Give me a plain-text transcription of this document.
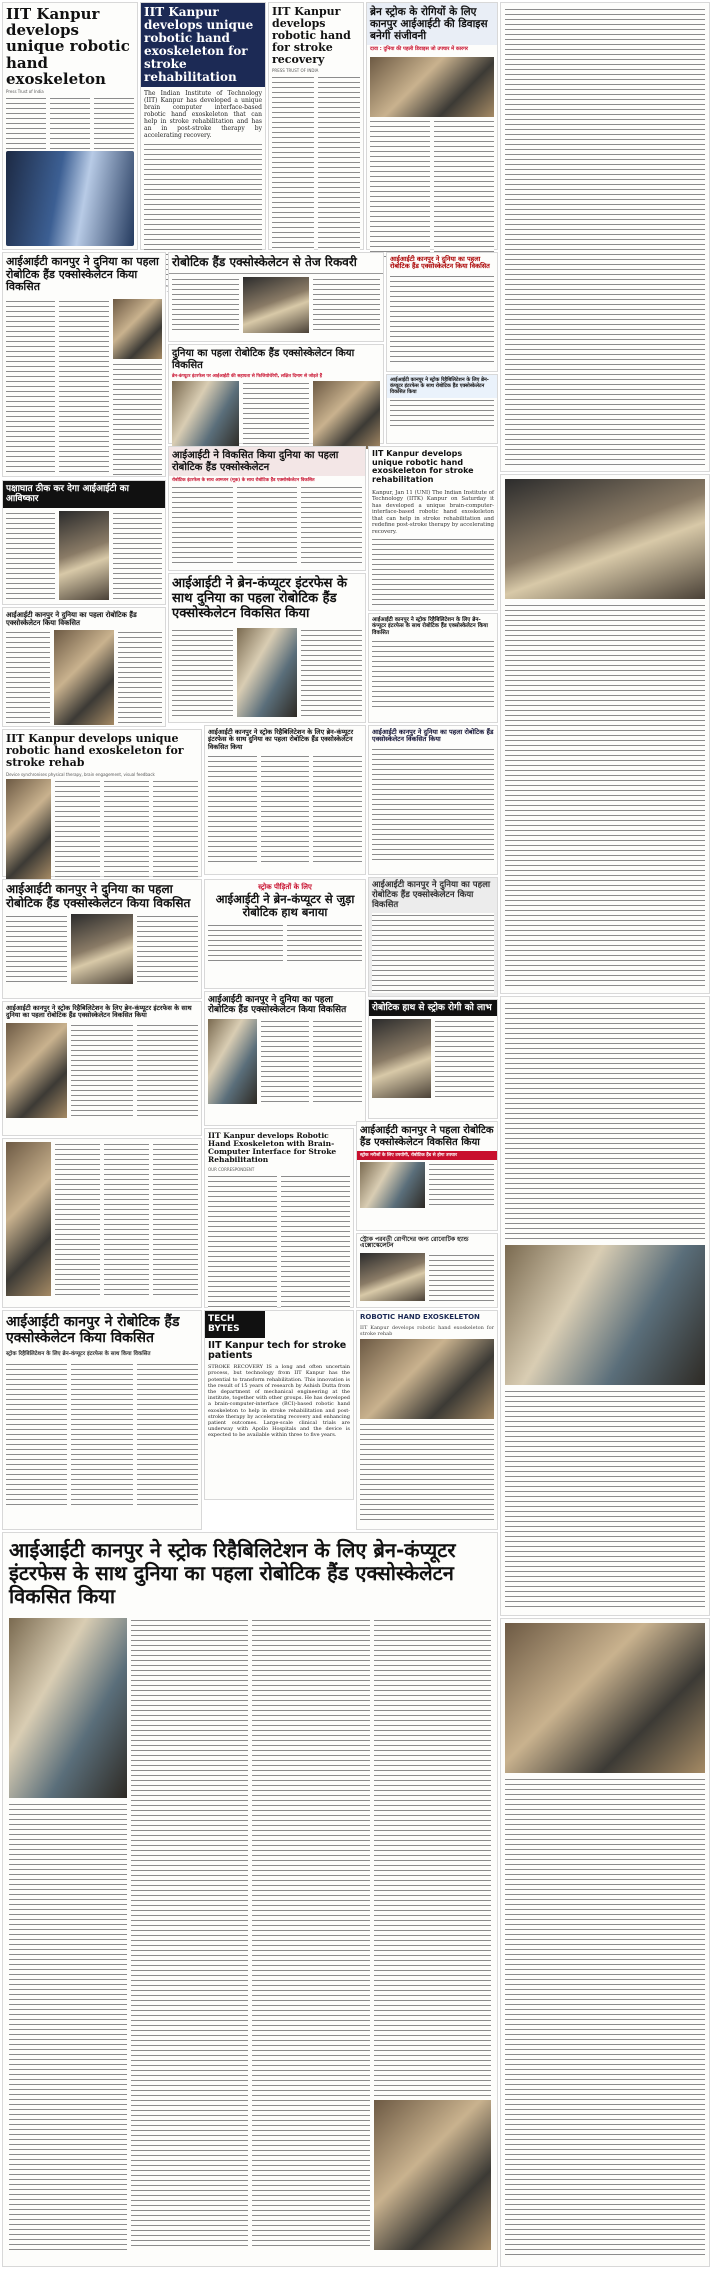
IIT Kanpur develops unique robotic hand exoskeleton
Press Trust of India
IIT Kanpur develops unique robotic hand exoskeleton for stroke rehabilitation
The Indian Institute of Technology (IIT) Kanpur has developed a unique brain computer interface-based robotic hand exoskeleton that can help in stroke rehabilitation and has an in post-stroke therapy by accelerating recovery.
IIT Kanpur develops robotic hand for stroke recovery
PRESS TRUST OF INDIA
ब्रेन स्ट्रोक के रोगियों के लिए कानपुर आईआईटी की डिवाइस बनेगी संजीवनी
दावा : दुनिया की पहली डिवाइस जो उपचार में कारगर
आईआईटी कानपुर ने दुनिया का पहला रोबोटिक हैंड एक्सोस्केलेटन किया विकसित
रोबोटिक हैंड एक्सोस्केलेटन से तेज रिकवरी	आईआईटी कानपुर ने दुनिया का पहला रोबोटिक हैंड एक्सोस्केलेटन किया विकसित
दुनिया का पहला रोबोटिक हैंड एक्सोस्केलेटन किया विकसित
ब्रेन-कंप्यूटर इंटरफेस पर आईआईटी की सहायता से फिजियोथेरेपी, लक्षित दिमाग से जोड़ते हैं
आईआईटी कानपुर ने स्ट्रोक रिहैबिलिटेशन के लिए ब्रेन-कंप्यूटर इंटरफेस के साथ रोबोटिक हैंड एक्सोस्केलेटन विकसित किया
पक्षाघात ठीक कर देगा आईआईटी का आविष्कार
आईआईटी ने विकसित किया दुनिया का पहला रोबोटिक हैंड एक्सोस्केलेटन
रोबोटिक इंटरफेस के साथ आमजन (मूक) के साथ रोबोटिक हैंड एक्सोस्केलेटन विकसित
IIT Kanpur develops unique robotic hand exoskeleton for stroke rehabilitation
Kanpur, Jan 11 (UNI) The Indian Institute of Technology (IITK) Kanpur on Saturday it has developed a unique brain-computer-interface-based robotic hand exoskeleton that can help in stroke rehabilitation and redefine post-stroke therapy by accelerating recovery.
आईआईटी कानपुर ने दुनिया का पहला रोबोटिक हैंड एक्सोस्केलेटन किया विकसित
आईआईटी ने ब्रेन-कंप्यूटर इंटरफेस के साथ दुनिया का पहला रोबोटिक हैंड एक्सोस्केलेटन विकसित किया	आईआईटी कानपुर ने स्ट्रोक रिहैबिलिटेशन के लिए ब्रेन-कंप्यूटर इंटरफेस के साथ रोबोटिक हैंड एक्सोस्केलेटन किया विकसित
आईआईटी कानपुर ने दुनिया का पहला रोबोटिक हैंड एक्सोस्केलेटन विकसित किया
IIT Kanpur develops unique robotic hand exoskeleton for stroke rehab
Device synchronises physical therapy, brain engagement, visual feedback
आईआईटी कानपुर ने स्ट्रोक रिहैबिलिटेशन के लिए ब्रेन-कंप्यूटर इंटरफेस के साथ दुनिया का पहला रोबोटिक हैंड एक्सोस्केलेटन विकसित किया
आईआईटी कानपुर ने दुनिया का पहला रोबोटिक हैंड एक्सोस्केलेटन किया विकसित
स्ट्रोक पीड़ितों के लिए
आईआईटी ने ब्रेन-कंप्यूटर से जुड़ा रोबोटिक हाथ बनाया
आईआईटी कानपुर ने दुनिया का पहला रोबोटिक हैंड एक्सोस्केलेटन किया विकसित
आईआईटी कानपुर ने स्ट्रोक रिहैबिलिटेशन के लिए ब्रेन-कंप्यूटर इंटरफेस के साथ दुनिया का पहला रोबोटिक हैंड एक्सोस्केलेटन विकसित किया
आईआईटी कानपुर ने दुनिया का पहला रोबोटिक हैंड एक्सोस्केलेटन किया विकसित	रोबोटिक हाथ से स्ट्रोक रोगी को लाभ
IIT Kanpur develops Robotic Hand Exoskeleton with Brain-Computer Interface for Stroke Rehabilitation
OUR CORRESPONDENT
आईआईटी कानपुर ने पहला रोबोटिक हैंड एक्सोस्केलेटन विकसित किया
स्ट्रोक मरीजों के लिए उपयोगी, रोबोटिक हैंड से होगा उपचार
স্ট্রোক পরবর্তী রোগীদের জন্য রোবোটিক হ্যান্ড এক্সোস্কেলেটন
TECH BYTES
IIT Kanpur tech for stroke patients
STROKE RECOVERY IS a long and often uncertain process, but technology from IIT Kanpur has the potential to transform rehabilitation. This innovation is the result of 15 years of research by Ashish Dutta from the department of mechanical engineering at the institute, together with other groups. He has developed a brain-computer-interface (BCI)-based robotic hand exoskeleton to help in stroke rehabilitation and post-stroke therapy by accelerating recovery and enhancing patient outcomes. Large-scale clinical trials are underway with Apollo Hospitals and the device is expected to be available within three to five years.
आईआईटी कानपुर ने रोबोटिक हैंड एक्सोस्केलेटन किया विकसित
स्ट्रोक रिहैबिलिटेशन के लिए ब्रेन-कंप्यूटर इंटरफेस के साथ किया विकसित
ROBOTIC HAND EXOSKELETON
IIT Kanpur develops robotic hand exoskeleton for stroke rehab
आईआईटी कानपुर ने स्ट्रोक रिहैबिलिटेशन के लिए ब्रेन-कंप्यूटर इंटरफेस के साथ दुनिया का पहला रोबोटिक हैंड एक्सोस्केलेटन विकसित किया
